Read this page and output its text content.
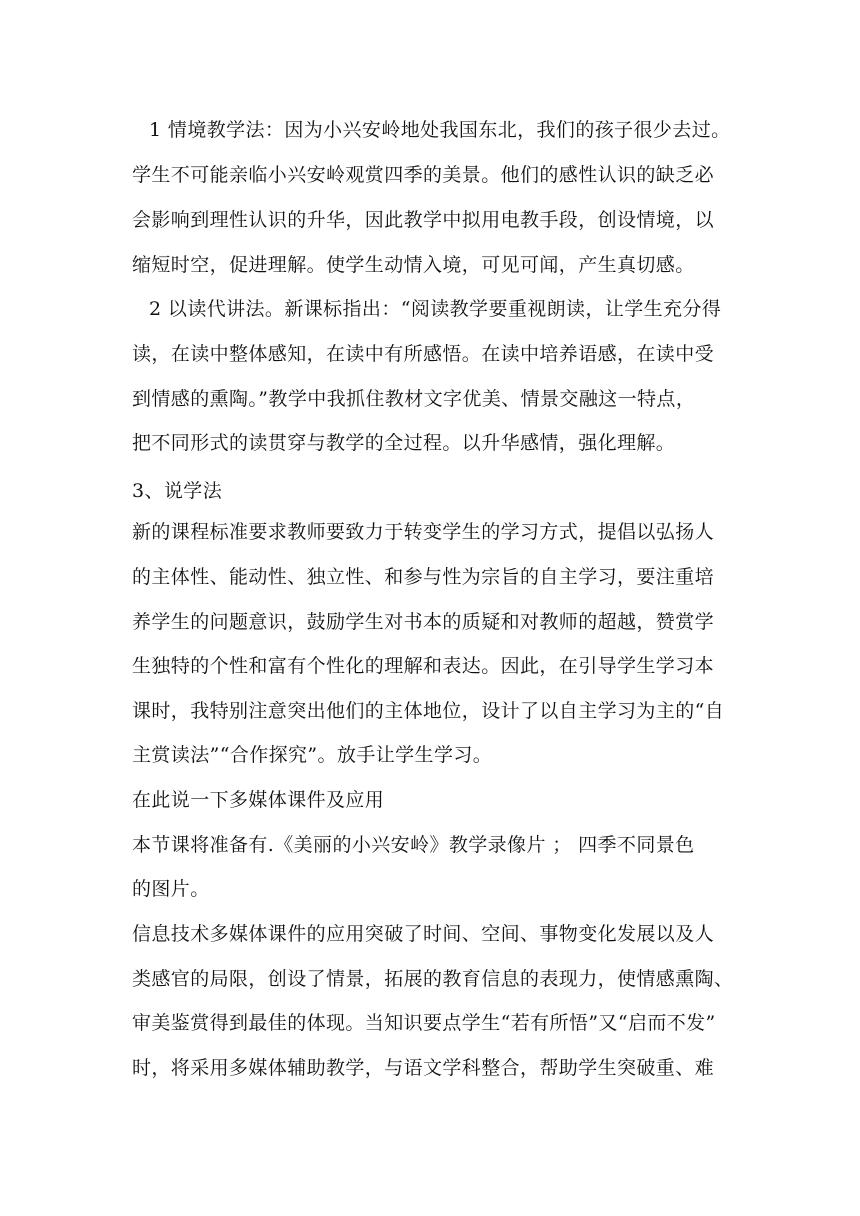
1 情境教学法：因为小兴安岭地处我国东北，我们的孩子很少去过。
学生不可能亲临小兴安岭观赏四季的美景。他们的感性认识的缺乏必
会影响到理性认识的升华，因此教学中拟用电教手段，创设情境，以
缩短时空，促进理解。使学生动情入境，可见可闻，产生真切感。
2 以读代讲法。新课标指出：“阅读教学要重视朗读，让学生充分得
读，在读中整体感知，在读中有所感悟。在读中培养语感，在读中受
到情感的熏陶。”教学中我抓住教材文字优美、情景交融这一特点，
把不同形式的读贯穿与教学的全过程。以升华感情，强化理解。
3、说学法
新的课程标准要求教师要致力于转变学生的学习方式，提倡以弘扬人
的主体性、能动性、独立性、和参与性为宗旨的自主学习，要注重培
养学生的问题意识，鼓励学生对书本的质疑和对教师的超越，赞赏学
生独特的个性和富有个性化的理解和表达。因此，在引导学生学习本
课时，我特别注意突出他们的主体地位，设计了以自主学习为主的“自
主赏读法”“合作探究”。放手让学生学习。
在此说一下多媒体课件及应用
本节课将准备有.《美丽的小兴安岭》教学录像片 ； 四季不同景色
的图片。
信息技术多媒体课件的应用突破了时间、空间、事物变化发展以及人
类感官的局限，创设了情景，拓展的教育信息的表现力，使情感熏陶、
审美鉴赏得到最佳的体现。当知识要点学生“若有所悟”又“启而不发”
时，将采用多媒体辅助教学，与语文学科整合，帮助学生突破重、难
